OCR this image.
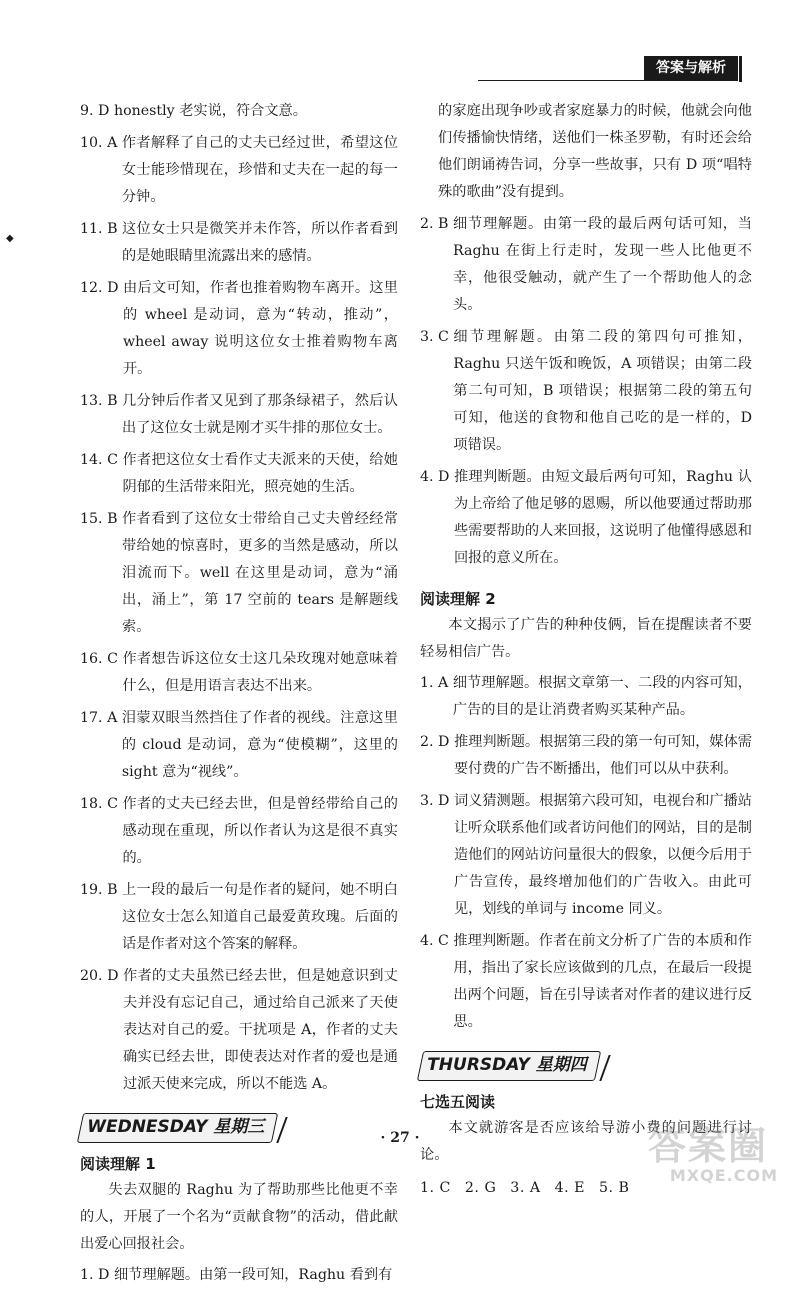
答案与解析
◆
9. D
honestly 老实说，符合文意。
10. A
作者解释了自己的丈夫已经过世，希望这位女士能珍惜现在，珍惜和丈夫在一起的每一分钟。
11. B
这位女士只是微笑并未作答，所以作者看到的是她眼睛里流露出来的感情。
12. D
由后文可知，作者也推着购物车离开。这里的 wheel 是动词，意为“转动，推动”，wheel away 说明这位女士推着购物车离开。
13. B
几分钟后作者又见到了那条绿裙子，然后认出了这位女士就是刚才买牛排的那位女士。
14. C
作者把这位女士看作丈夫派来的天使，给她阴郁的生活带来阳光，照亮她的生活。
15. B
作者看到了这位女士带给自己丈夫曾经经常带给她的惊喜时，更多的当然是感动，所以泪流而下。well 在这里是动词，意为“涌出，涌上”，第 17 空前的 tears 是解题线索。
16. C
作者想告诉这位女士这几朵玫瑰对她意味着什么，但是用语言表达不出来。
17. A
泪蒙双眼当然挡住了作者的视线。注意这里的 cloud 是动词，意为“使模糊”，这里的 sight 意为“视线”。
18. C
作者的丈夫已经去世，但是曾经带给自己的感动现在重现，所以作者认为这是很不真实的。
19. B
上一段的最后一句是作者的疑问，她不明白这位女士怎么知道自己最爱黄玫瑰。后面的话是作者对这个答案的解释。
20. D
作者的丈夫虽然已经去世，但是她意识到丈夫并没有忘记自己，通过给自己派来了天使表达对自己的爱。干扰项是 A，作者的丈夫确实已经去世，即使表达对作者的爱也是通过派天使来完成，所以不能选 A。
WEDNESDAY 星期三
阅读理解 1

失去双腿的 Raghu 为了帮助那些比他更不幸的人，开展了一个名为“贡献食物”的活动，借此献出爱心回报社会。

1. D
细节理解题。由第一段可知，Raghu 看到有

的家庭出现争吵或者家庭暴力的时候，他就会向他们传播愉快情绪，送他们一株圣罗勒，有时还会给他们朗诵祷告词，分享一些故事，只有 D 项“唱特殊的歌曲”没有提到。
2. B
细节理解题。由第一段的最后两句话可知，当 Raghu 在街上行走时，发现一些人比他更不幸，他很受触动，就产生了一个帮助他人的念头。
3. C
细节理解题。由第二段的第四句可推知，Raghu 只送午饭和晚饭，A 项错误；由第二段第二句可知，B 项错误；根据第二段的第五句可知，他送的食物和他自己吃的是一样的，D 项错误。
4. D
推理判断题。由短文最后两句可知，Raghu 认为上帝给了他足够的恩赐，所以他要通过帮助那些需要帮助的人来回报，这说明了他懂得感恩和回报的意义所在。
阅读理解 2

本文揭示了广告的种种伎俩，旨在提醒读者不要轻易相信广告。

1. A
细节理解题。根据文章第一、二段的内容可知，广告的目的是让消费者购买某种产品。
2. D
推理判断题。根据第三段的第一句可知，媒体需要付费的广告不断播出，他们可以从中获利。
3. D
词义猜测题。根据第六段可知，电视台和广播站让听众联系他们或者访问他们的网站，目的是制造他们的网站访问量很大的假象，以便今后用于广告宣传，最终增加他们的广告收入。由此可见，划线的单词与 income 同义。
4. C
推理判断题。作者在前文分析了广告的本质和作用，指出了家长应该做到的几点，在最后一段提出两个问题，旨在引导读者对作者的建议进行反思。
THURSDAY 星期四
七选五阅读

本文就游客是否应该给导游小费的问题进行讨论。

1. C 2. G 3. A 4. E 5. B
· 27 ·	答案圈
MXQE.COM
